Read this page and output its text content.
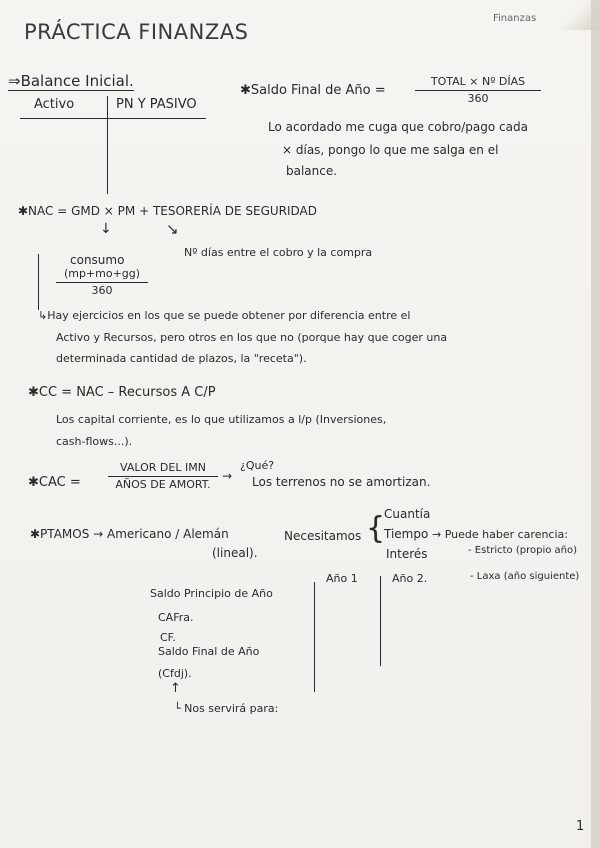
Finanzas
PRÁCTICA FINANZAS
⇒Balance Inicial.
Activo	PN Y PASIVO
✱Saldo Final de Año =
TOTAL × Nº DÍAS
360
Lo acordado me cuga que cobro/pago cada
× días, pongo lo que me salga en el
balance.
✱NAC = GMD × PM + TESORERÍA DE SEGURIDAD
↓	↘
Nº días entre el cobro y la compra
consumo
$\frac{(mp+mo+gg)}{360}$
↳Hay ejercicios en los que se puede obtener por diferencia entre el
Activo y Recursos, pero otros en los que no (porque hay que coger una
determinada cantidad de plazos, la "receta").
✱CC = NAC – Recursos A C/P
Los capital corriente, es lo que utilizamos a l/p (Inversiones,
cash-flows...).
✱CAC =
VALOR DEL IMN
AÑOS DE AMORT.
→
¿Qué?
Los terrenos no se amortizan.
✱PTAMOS → Americano / Alemán
(lineal).
Necesitamos {
Cuantía
Tiempo
Interés
→ Puede haber carencia:
- Estricto (propio año)
- Laxa (año siguiente)
Año 1	Año 2.
Saldo Principio de Año
CAFra.
CF.
Saldo Final de Año
(Cfdj).
↑
└ Nos servirá para:
1
